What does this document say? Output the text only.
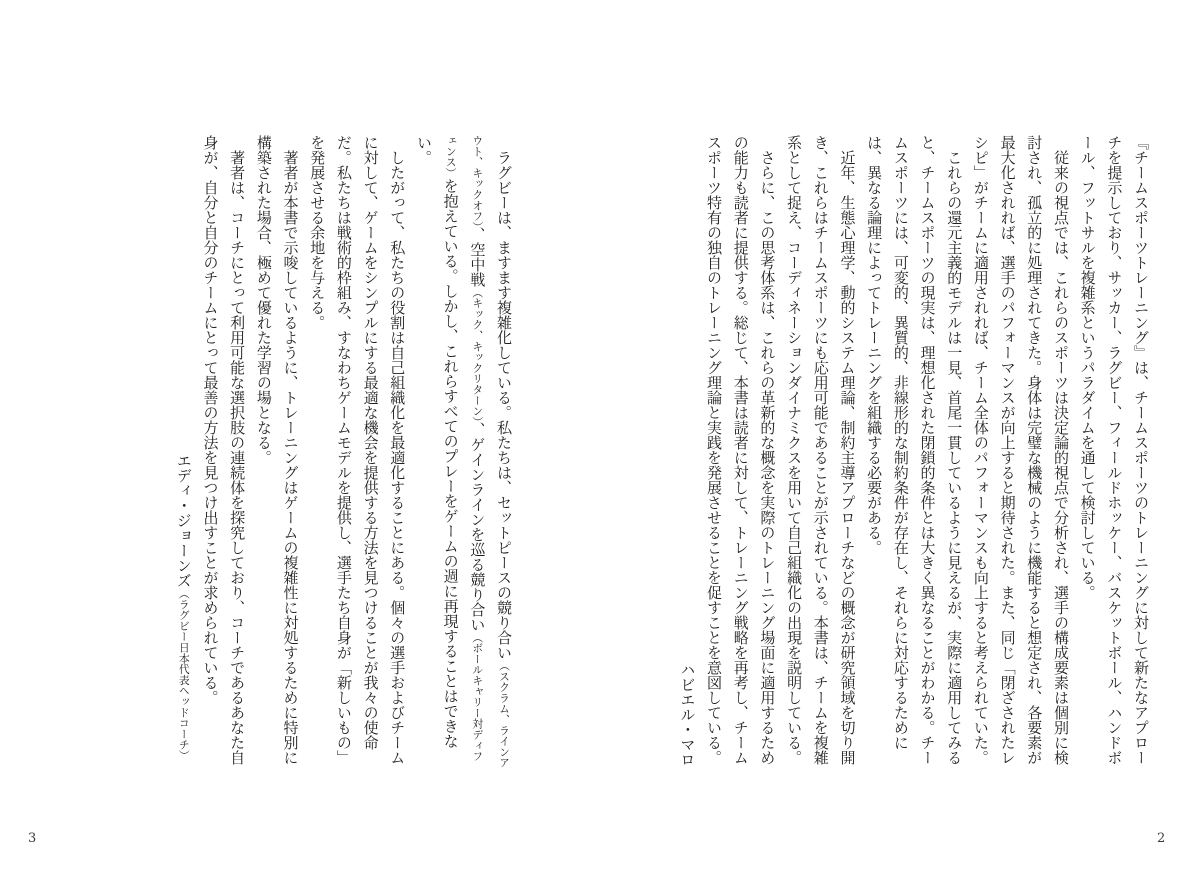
ラグビーは、ますます複雑化している。私たちは、セットピースの競り合い（スクラム、ラインアウト、キックオフ）、空中戦（キック、キックリターン）、ゲインラインを巡る競り合い（ボールキャリー対ディフェンス）を抱えている。しかし、これらすべてのプレーをゲームの週に再現することはできない。

したがって、私たちの役割は自己組織化を最適化することにある。個々の選手およびチームに対して、ゲームをシンプルにする最適な機会を提供する方法を見つけることが我々の使命だ。私たちは戦術的枠組み、すなわちゲームモデルを提供し、選手たち自身が「新しいもの」を発展させる余地を与える。

著者が本書で示唆しているように、トレーニングはゲームの複雑性に対処するために特別に構築された場合、極めて優れた学習の場となる。

著者は、コーチにとって利用可能な選択肢の連続体を探究しており、コーチであるあなた自身が、自分と自分のチームにとって最善の方法を見つけ出すことが求められている。

エディ・ジョーンズ（ラグビー日本代表ヘッドコーチ）

3

『チームスポーツトレーニング』は、チームスポーツのトレーニングに対して新たなアプローチを提示しており、サッカー、ラグビー、フィールドホッケー、バスケットボール、ハンドボール、フットサルを複雑系というパラダイムを通して検討している。

従来の視点では、これらのスポーツは決定論的視点で分析され、選手の構成要素は個別に検討され、孤立的に処理されてきた。身体は完璧な機械のように機能すると想定され、各要素が最大化されれば、選手のパフォーマンスが向上すると期待された。また、同じ「閉ざされたレシピ」がチームに適用されれば、チーム全体のパフォーマンスも向上すると考えられていた。

これらの還元主義的モデルは一見、首尾一貫しているように見えるが、実際に適用してみると、チームスポーツの現実は、理想化された閉鎖的条件とは大きく異なることがわかる。チームスポーツには、可変的、異質的、非線形的な制約条件が存在し、それらに対応するためには、異なる論理によってトレーニングを組織する必要がある。

近年、生態心理学、動的システム理論、制約主導アプローチなどの概念が研究領域を切り開き、これらはチームスポーツにも応用可能であることが示されている。本書は、チームを複雑系として捉え、コーディネーションダイナミクスを用いて自己組織化の出現を説明している。

さらに、この思考体系は、これらの革新的な概念を実際のトレーニング場面に適用するための能力も読者に提供する。総じて、本書は読者に対して、トレーニング戦略を再考し、チームスポーツ特有の独自のトレーニング理論と実践を発展させることを促すことを意図している。

ハビエル・マロ

2
